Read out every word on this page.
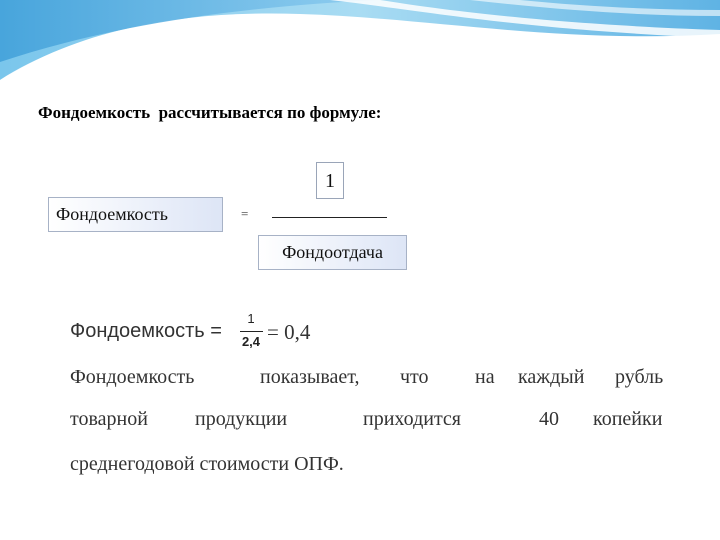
Фондоемкость  рассчитывается по формуле:
Фондоемкость	=
1
Фондоотдача
Фондоемкость =
1
2,4 = 0,4
Фондоемкость	показывает, что на каждый рубль
товарной продукции	приходится	40 копейки
среднегодовой стоимости ОПФ.
